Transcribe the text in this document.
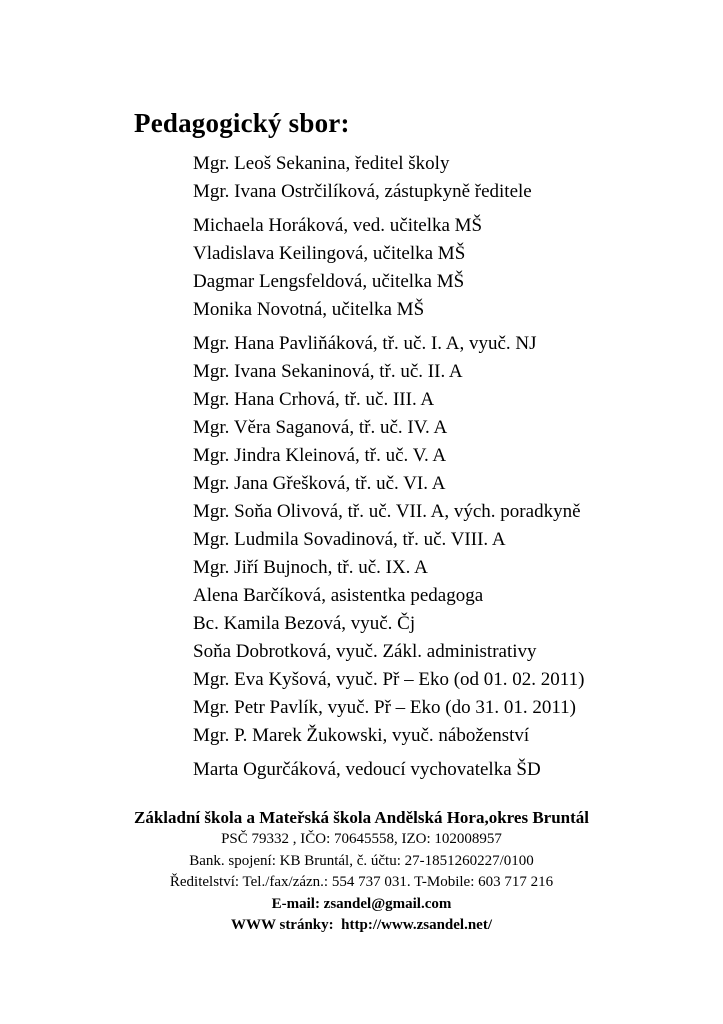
Pedagogický sbor:
Mgr. Leoš Sekanina, ředitel školy
Mgr. Ivana Ostrčilíková, zástupkyně ředitele
Michaela Horáková, ved. učitelka MŠ
Vladislava Keilingová, učitelka MŠ
Dagmar Lengsfeldová, učitelka MŠ
Monika Novotná, učitelka MŠ
Mgr. Hana Pavliňáková, tř. uč. I. A, vyuč. NJ
Mgr. Ivana Sekaninová, tř. uč. II. A
Mgr. Hana Crhová, tř. uč. III. A
Mgr. Věra Saganová, tř. uč. IV. A
Mgr. Jindra Kleinová, tř. uč. V. A
Mgr. Jana Gřešková, tř. uč. VI. A
Mgr. Soňa Olivová, tř. uč. VII. A, vých. poradkyně
Mgr. Ludmila Sovadinová, tř. uč. VIII. A
Mgr. Jiří Bujnoch, tř. uč. IX. A
Alena Barčíková, asistentka pedagoga
Bc. Kamila Bezová, vyuč. Čj
Soňa Dobrotková, vyuč. Zákl. administrativy
Mgr. Eva Kyšová, vyuč. Př – Eko (od 01. 02. 2011)
Mgr. Petr Pavlík, vyuč. Př – Eko (do 31. 01. 2011)
Mgr. P. Marek Žukowski, vyuč. náboženství
Marta Ogurčáková, vedoucí vychovatelka ŠD
Základní škola a Mateřská škola Andělská Hora,okres Bruntál
PSČ 79332 , IČO: 70645558, IZO: 102008957
Bank. spojení: KB Bruntál, č. účtu: 27-1851260227/0100
Ředitelství: Tel./fax/zázn.: 554 737 031. T-Mobile: 603 717 216
E-mail: zsandel@gmail.com
WWW stránky:  http://www.zsandel.net/
